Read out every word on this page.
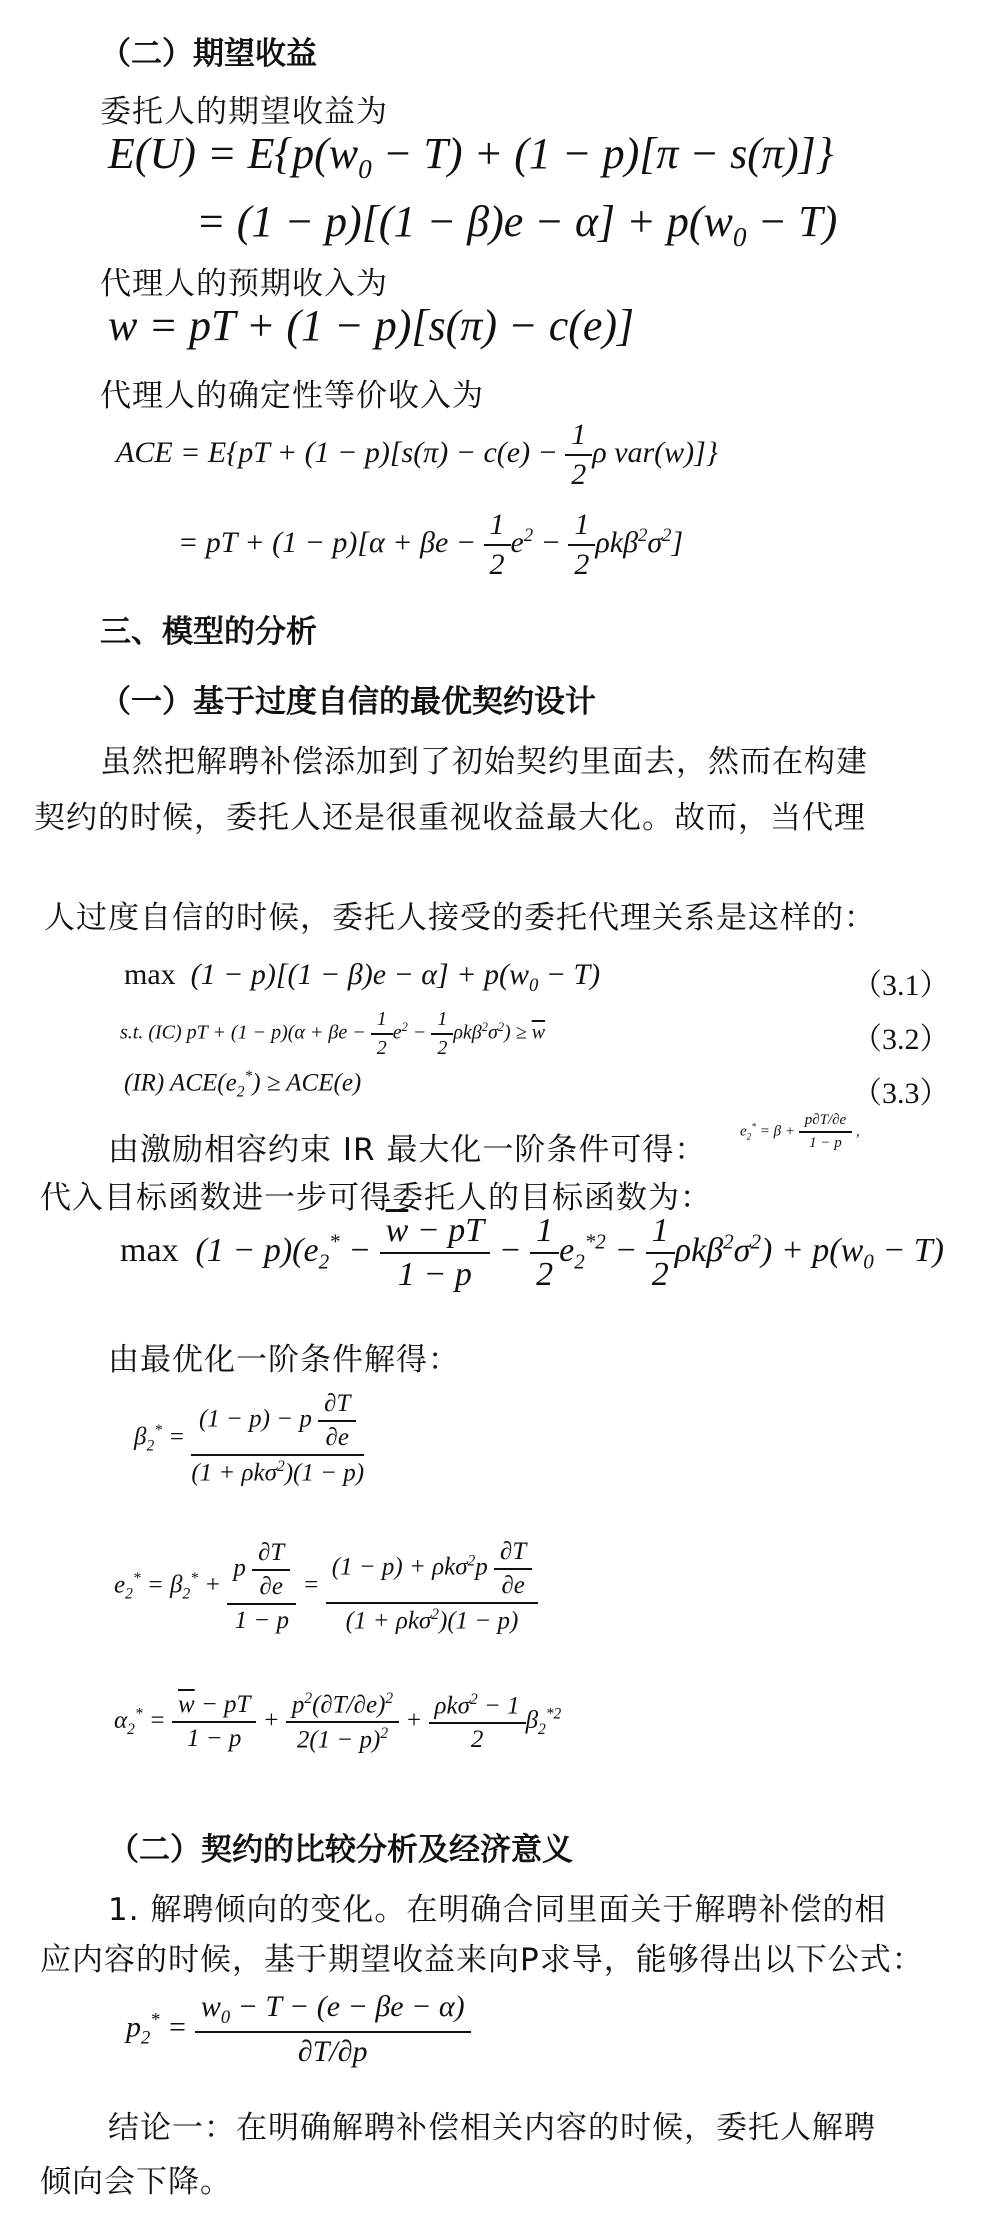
（二）期望收益
委托人的期望收益为
$E(U) = E\{p(w_0 - T) + (1 - p)[\pi - s(\pi)]\}$
= $(1 - p)[(1 - \beta)e - \alpha] + p(w_0 - T)$
代理人的预期收入为
w = pT + (1 − p)[s(π) − c(e)]
代理人的确定性等价收入为
ACE = $E\{pT + (1 - p)[s(\pi) - c(e) - \frac{1}{2}$ ρ var(w)]}
= pT + $(1 - p)[\alpha + \beta e - \frac{1}{2} e^2 - \frac{1}{2} \rho k\beta^2\sigma^2]$
三、模型的分析
（一）基于过度自信的最优契约设计
虽然把解聘补偿添加到了初始契约里面去，然而在构建
契约的时候，委托人还是很重视收益最大化。故而，当代理
人过度自信的时候，委托人接受的委托代理关系是这样的：
$\max (1 - p)[(1 - \beta)e - \alpha] + p(w_0 - T)$	（3.1）
s.t. (IC) pT + $(1 - p)(\alpha + \beta e - \frac{1}{2} e^2 - \frac{1}{2} \rho k\beta^2\sigma^2) \ge \overline{w}$	（3.2）
(IR) $ACE(e_2^*) \ge ACE(e)$	（3.3）
由激励相容约束 IR 最大化一阶条件可得：
$e_2^* = \beta + \frac{p\partial T/\partial e}{1 - p}$ ,
代入目标函数进一步可得委托人的目标函数为：
$\max (1 - p)(e_2^* - \frac{\overline{w} - pT}{1 - p} - \frac{1}{2} e_2^{*2} - \frac{1}{2} \rho k\beta^2\sigma^2) + p(w_0 - T)$
由最优化一阶条件解得：
$\beta_2^* = \frac{(1 - p) - p \frac{\partial T}{\partial e}}{(1 + \rho k\sigma^2)(1 - p)}$
$e_2^* = \beta_2^* + \frac{p \frac{\partial T}{\partial e}}{1 - p} = \frac{(1 - p) + \rho k\sigma^2p \frac{\partial T}{\partial e}}{(1 + \rho k\sigma^2)(1 - p)}$
$\alpha_2^* = \frac{\overline{w} - pT}{1 - p} + \frac{p^2(\partial T/\partial e)^2}{2(1 - p)^2} + \frac{\rho k\sigma^2 - 1}{2} \beta_2^{*2}$
（二）契约的比较分析及经济意义
1. 解聘倾向的变化。在明确合同里面关于解聘补偿的相
应内容的时候，基于期望收益来向P求导，能够得出以下公式：
$p_2^* = \frac{w_0 - T - (e - \beta e - \alpha)}{\partial T/\partial p}$
结论一：在明确解聘补偿相关内容的时候，委托人解聘
倾向会下降。
